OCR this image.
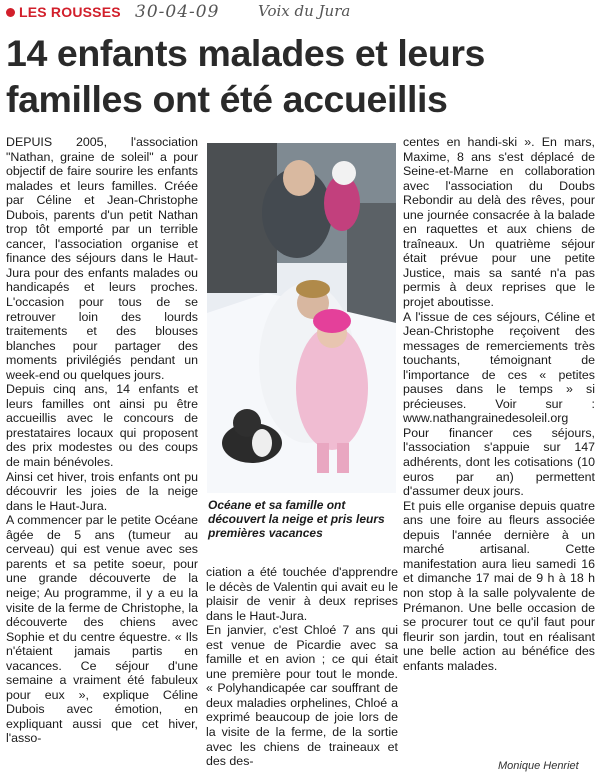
LES ROUSSES 30-04-09	Voix du Jura
14 enfants malades et leurs familles ont été accueillis

DEPUIS 2005, l'association "Nathan, graine de soleil" a pour objectif de faire sourire les enfants malades et leurs familles. Créée par Céline et Jean-Christophe Dubois, parents d'un petit Nathan trop tôt emporté par un terrible cancer, l'association organise et finance des séjours dans le Haut-Jura pour des enfants malades ou handicapés et leurs proches. L'occasion pour tous de se retrouver loin des lourds traitements et des blouses blanches pour partager des moments privilégiés pendant un week-end ou quelques jours.

Depuis cinq ans, 14 enfants et leurs familles ont ainsi pu être accueillis avec le concours de prestataires locaux qui proposent des prix modestes ou des coups de main bénévoles.

Ainsi cet hiver, trois enfants ont pu découvrir les joies de la neige dans le Haut-Jura.

A commencer par le petite Océane âgée de 5 ans (tumeur au cerveau) qui est venue avec ses parents et sa petite soeur, pour une grande découverte de la neige; Au programme, il y a eu la visite de la ferme de Christophe, la découverte des chiens avec Sophie et du centre équestre. « Ils n'étaient jamais partis en vacances. Ce séjour d'une semaine a vraiment été fabuleux pour eux », explique Céline Dubois avec émotion, en expliquant aussi que cet hiver, l'asso-

Océane et sa famille ont découvert la neige et pris leurs premières vacances

ciation a été touchée d'apprendre le décès de Valentin qui avait eu le plaisir de venir à deux reprises dans le Haut-Jura.

En janvier, c'est Chloé 7 ans qui est venue de Picardie avec sa famille et en avion ; ce qui était une première pour tout le monde. « Polyhandicapée car souffrant de deux maladies orphelines, Chloé a exprimé beaucoup de joie lors de la visite de la ferme, de la sortie avec les chiens de traineaux et des des-

centes en handi-ski ». En mars, Maxime, 8 ans s'est déplacé de Seine-et-Marne en collaboration avec l'association du Doubs Rebondir au delà des rêves, pour une journée consacrée à la balade en raquettes et aux chiens de traîneaux. Un quatrième séjour était prévue pour une petite Justice, mais sa santé n'a pas permis à deux reprises que le projet aboutisse.

A l'issue de ces séjours, Céline et Jean-Christophe reçoivent des messages de remerciements très touchants, témoignant de l'importance de ces « petites pauses dans le temps » si précieuses. Voir sur : www.nathangrainedesoleil.org

Pour financer ces séjours, l'association s'appuie sur 147 adhérents, dont les cotisations (10 euros par an) permettent d'assumer deux jours.

Et puis elle organise depuis quatre ans une foire au fleurs associée depuis l'année dernière à un marché artisanal. Cette manifestation aura lieu samedi 16 et dimanche 17 mai de 9 h à 18 h non stop à la salle polyvalente de Prémanon. Une belle occasion de se procurer tout ce qu'il faut pour fleurir son jardin, tout en réalisant une belle action au bénéfice des enfants malades.

Monique Henriet
